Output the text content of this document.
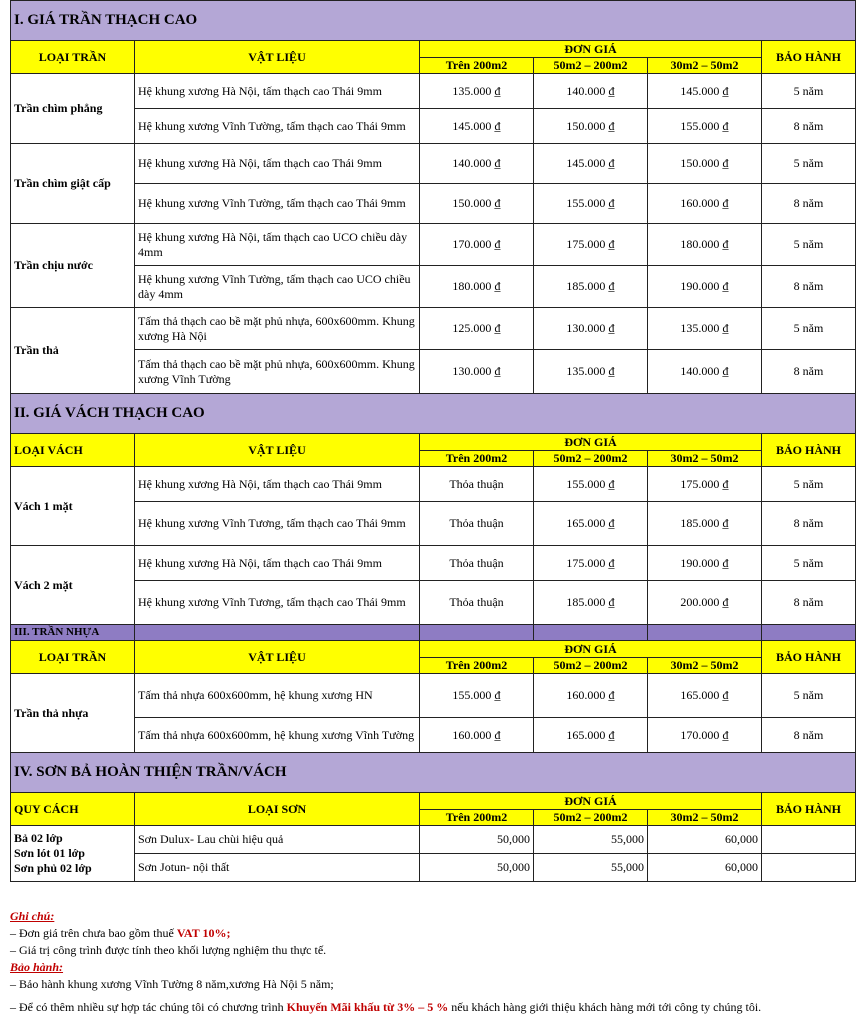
I. GIÁ TRẦN THẠCH CAO					
LOẠI TRẦN	VẬT LIỆU	ĐƠN GIÁ			BẢO HÀNH
		Trên 200m2	50m2 – 200m2	30m2 – 50m2	
Trần chìm phẳng	Hệ khung xương Hà Nội, tấm thạch cao Thái 9mm	135.000 ₫	140.000 ₫	145.000 ₫	5 năm
	Hệ khung xương Vĩnh Tường, tấm thạch cao Thái 9mm	145.000 ₫	150.000 ₫	155.000 ₫	8 năm
Trần chìm giật cấp	Hệ khung xương Hà Nội, tấm thạch cao Thái 9mm	140.000 ₫	145.000 ₫	150.000 ₫	5 năm
	Hệ khung xương Vĩnh Tường, tấm thạch cao Thái 9mm	150.000 ₫	155.000 ₫	160.000 ₫	8 năm
Trần chịu nước	Hệ khung xương Hà Nội, tấm thạch cao UCO chiều dày 4mm	170.000 ₫	175.000 ₫	180.000 ₫	5 năm
	Hệ khung xương Vĩnh Tường, tấm thạch cao UCO chiều dày 4mm	180.000 ₫	185.000 ₫	190.000 ₫	8 năm
Trần thả	Tấm thả thạch cao bề mặt phủ nhựa, 600x600mm. Khung xương Hà Nội	125.000 ₫	130.000 ₫	135.000 ₫	5 năm
	Tấm thả thạch cao bề mặt phủ nhựa, 600x600mm. Khung xương Vĩnh Tường	130.000 ₫	135.000 ₫	140.000 ₫	8 năm
II. GIÁ VÁCH THẠCH CAO					
LOẠI VÁCH	VẬT LIỆU	ĐƠN GIÁ			BẢO HÀNH
		Trên 200m2	50m2 – 200m2	30m2 – 50m2	
Vách 1 mặt	Hệ khung xương Hà Nội, tấm thạch cao Thái 9mm	Thỏa thuận	155.000 ₫	175.000 ₫	5 năm
	Hệ khung xương Vĩnh Tương, tấm thạch cao Thái 9mm	Thỏa thuận	165.000 ₫	185.000 ₫	8 năm
Vách 2 mặt	Hệ khung xương Hà Nội, tấm thạch cao Thái 9mm	Thỏa thuận	175.000 ₫	190.000 ₫	5 năm
	Hệ khung xương Vĩnh Tương, tấm thạch cao Thái 9mm	Thỏa thuận	185.000 ₫	200.000 ₫	8 năm
III. TRẦN NHỰA					
LOẠI TRẦN	VẬT LIỆU	ĐƠN GIÁ			BẢO HÀNH
		Trên 200m2	50m2 – 200m2	30m2 – 50m2	
Trần thả nhựa	Tấm thả nhựa 600x600mm, hệ khung xương HN	155.000 ₫	160.000 ₫	165.000 ₫	5 năm
	Tấm thả nhựa 600x600mm, hệ khung xương Vĩnh Tường	160.000 ₫	165.000 ₫	170.000 ₫	8 năm
IV. SƠN BẢ HOÀN THIỆN TRẦN/VÁCH					
QUY CÁCH	LOẠI SƠN	ĐƠN GIÁ			BẢO HÀNH
		Trên 200m2	50m2 – 200m2	30m2 – 50m2	

Bả 02 lớp
Sơn lót 01 lớp
Sơn phủ 02 lớp	Sơn Dulux- Lau chùi hiệu quả	50,000	55,000	60,000	
	Sơn Jotun- nội thất	50,000	55,000	60,000	
Ghi chú:
– Đơn giá trên chưa bao gồm thuế VAT 10%;
– Giá trị công trình được tính theo khối lượng nghiệm thu thực tế.
Bảo hành:
– Bảo hành khung xương Vĩnh Tường 8 năm,xương Hà Nội 5 năm;
– Để có thêm nhiều sự hợp tác chúng tôi có chương trình Khuyến Mãi khấu từ 3% – 5 % nếu khách hàng giới thiệu khách hàng mới tới công ty chúng tôi.
